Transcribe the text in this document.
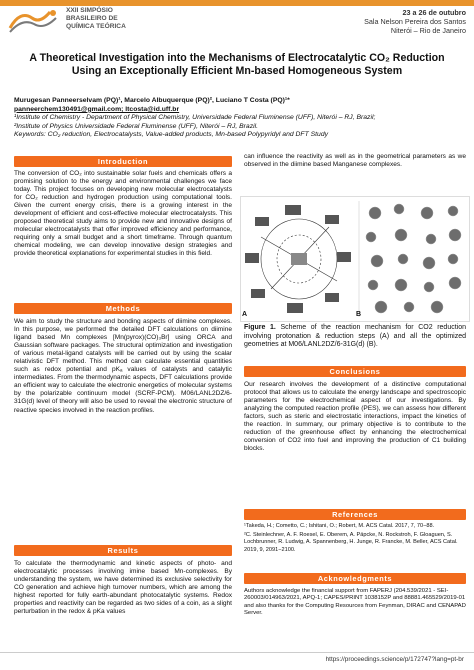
XXII SIMPÓSIO
BRASILEIRO DE
QUÍMICA TEÓRICA
23 a 26 de outubro
Sala Nelson Pereira dos Santos
Niterói – Rio de Janeiro
A Theoretical Investigation into the Mechanisms of Electrocatalytic CO₂ Reduction Using an Exceptionally Efficient Mn-based Homogeneous System
Murugesan Panneerselvam (PQ)¹, Marcelo Albuquerque (PQ)², Luciano T Costa (PQ)¹*
panneerchem130491@gmail.com; ltcosta@id.uff.br
¹Institute of Chemistry - Department of Physical Chemistry, Universidade Federal Fluminense (UFF), Niterói – RJ, Brazil;
²Institute of Physics Universidade Federal Fluminense (UFF), Niterói – RJ, Brazil.
Keywords: CO₂ reduction, Electrocatalysts, Value-added products, Mn-based Polypyridyl and DFT Study
Introduction

The conversion of CO₂ into sustainable solar fuels and chemicals offers a promising solution to the energy and environmental challenges we face today. This project focuses on developing new molecular electrocatalysts for CO₂ reduction and hydrogen production using computational tools. Given the current energy crisis, there is a growing interest in the development of efficient and cost-effective molecular electrocatalysts. This proposed theoretical study aims to provide new and innovative designs of molecular electrocatalysts that offer improved efficiency and performance, requiring only a small budget and a short timeframe. Through quantum chemical modeling, we can develop innovative design strategies and provide theoretical explanations for experimental studies in this field.

Methods

We aim to study the structure and bonding aspects of diimine complexes. In this purpose, we performed the detailed DFT calculations on diimine ligand based Mn complexes [Mn(pyrox)(CO)₃Br] using ORCA and Gaussian software packages. The structural optimization and investigation of various metal-ligand catalysts will be carried out by using the scalar relativistic DFT method. This method can calculate essential quantities such as redox potential and pKₐ values of catalysts and catalytic intermediates. From the thermodynamic aspects, DFT calculations provide an efficient way to calculate the electronic energetics of molecular systems by the polarizable continuum model (SCRF-PCM). M06/LANL2DZ/6-31G(d) level of theory will also be used to reveal the electronic structure of reactive species involved in the reaction profiles.

Results

To calculate the thermodynamic and kinetic aspects of photo- and electrocatalytic processes involving imine based Mn-complexes. By understanding the system, we have determined its exclusive selectivity for CO generation and achieve high turnover numbers, which are among the highest reported for fully earth-abundant photocatalytic systems. Redox properties and reactivity can be regarded as two sides of a coin, as a slight perturbation in the redox & pKa values

can influence the reactivity as well as in the geometrical parameters as we observed in the diimine based Manganese complexes.

A	B

Figure 1. Scheme of the reaction mechanism for CO2 reduction involving protonation & reduction steps (A) and all the optimized geometries at M06/LANL2DZ/6-31G(d) (B).

Conclusions

Our research involves the development of a distinctive computational protocol that allows us to calculate the energy landscape and spectroscopic parameters for the electrochemical aspect of our investigations. By analyzing the computed reaction profile (PES), we can assess how different factors, such as steric and electrostatic interactions, impact the kinetics of the reaction. In summary, our primary objective is to contribute to the reduction of the greenhouse effect by enhancing the electrochemical conversion of CO2 into fuel and improving the production of C1 building blocks.

References

¹Takeda, H.; Cometto, C.; Ishitani, O.; Robert, M. ACS Catal. 2017, 7, 70−88.

²C. Steinlechner, A. F. Roesel, E. Oberem, A. Päpcke, N. Rockstroh, F. Gloaguen, S. Lochbrunner, R. Ludwig, A. Spannenberg, H. Junge, R. Francke, M. Beller, ACS Catal. 2019, 9, 2091−2100.

Acknowledgments

Authors acknowledge the financial support from FAPERJ (204.539/2021 - SEI-260003/014963/2021, APQ-1; CAPES/PRINT 1038152P and 88881.465529/2019-01 and also thanks for the Computing Resources from Feynman, DIRAC and CENAPAD Server.

https://proceedings.science/p/172747?lang=pt-br
